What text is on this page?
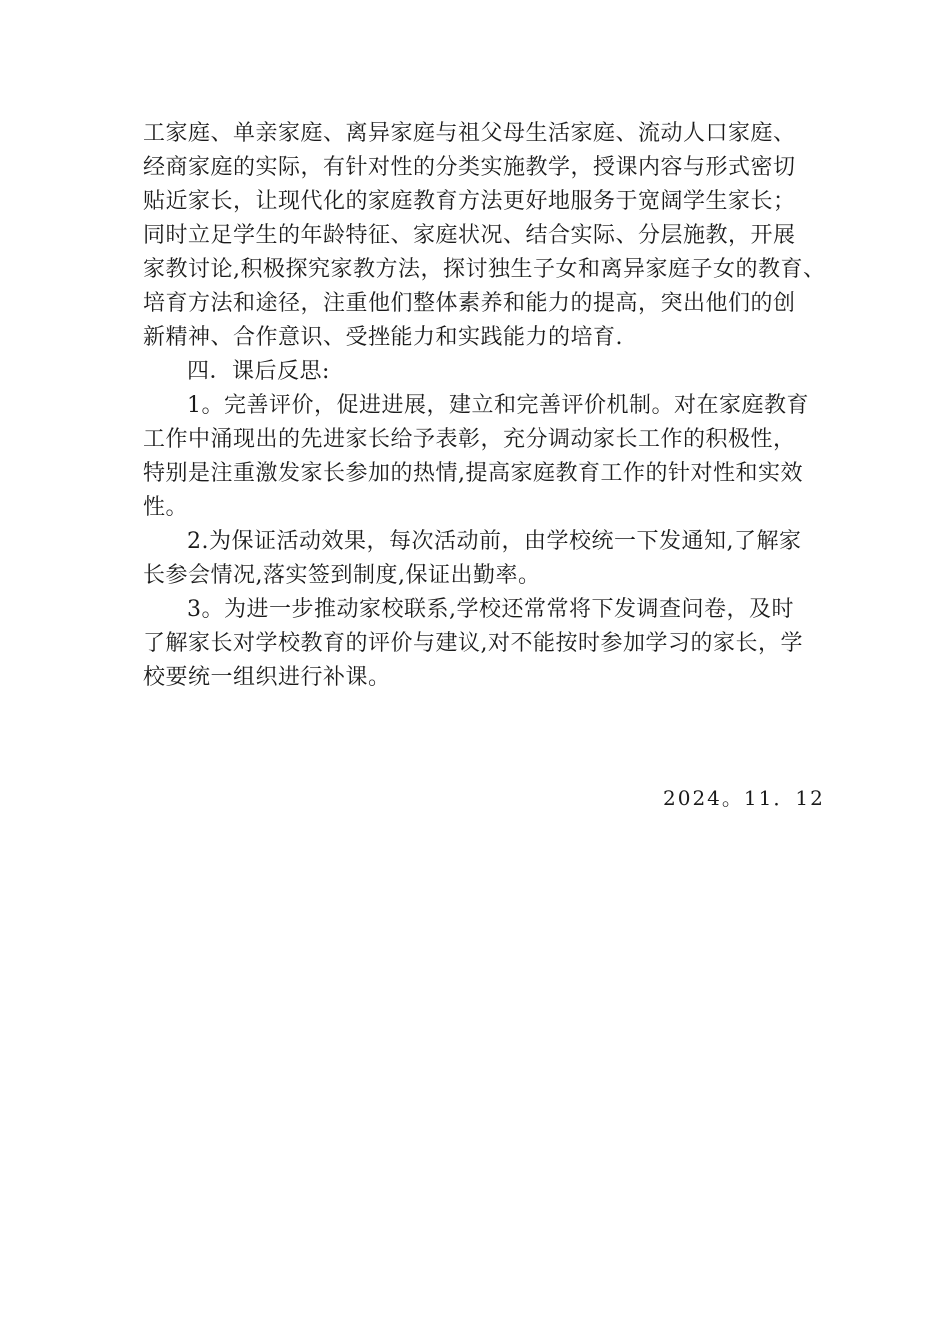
工家庭、单亲家庭、离异家庭与祖父母生活家庭、流动人口家庭、
经商家庭的实际，有针对性的分类实施教学，授课内容与形式密切
贴近家长，让现代化的家庭教育方法更好地服务于宽阔学生家长；
同时立足学生的年龄特征、家庭状况、结合实际、分层施教，开展
家教讨论,积极探究家教方法，探讨独生子女和离异家庭子女的教育、
培育方法和途径，注重他们整体素养和能力的提高，突出他们的创
新精神、合作意识、受挫能力和实践能力的培育.
四．课后反思:
1。完善评价，促进进展，建立和完善评价机制。对在家庭教育
工作中涌现出的先进家长给予表彰，充分调动家长工作的积极性，
特别是注重激发家长参加的热情,提高家庭教育工作的针对性和实效
性。
2.为保证活动效果，每次活动前，由学校统一下发通知,了解家
长参会情况,落实签到制度,保证出勤率。
3。为进一步推动家校联系,学校还常常将下发调查问卷，及时
了解家长对学校教育的评价与建议,对不能按时参加学习的家长，学
校要统一组织进行补课。
2024。11．12
